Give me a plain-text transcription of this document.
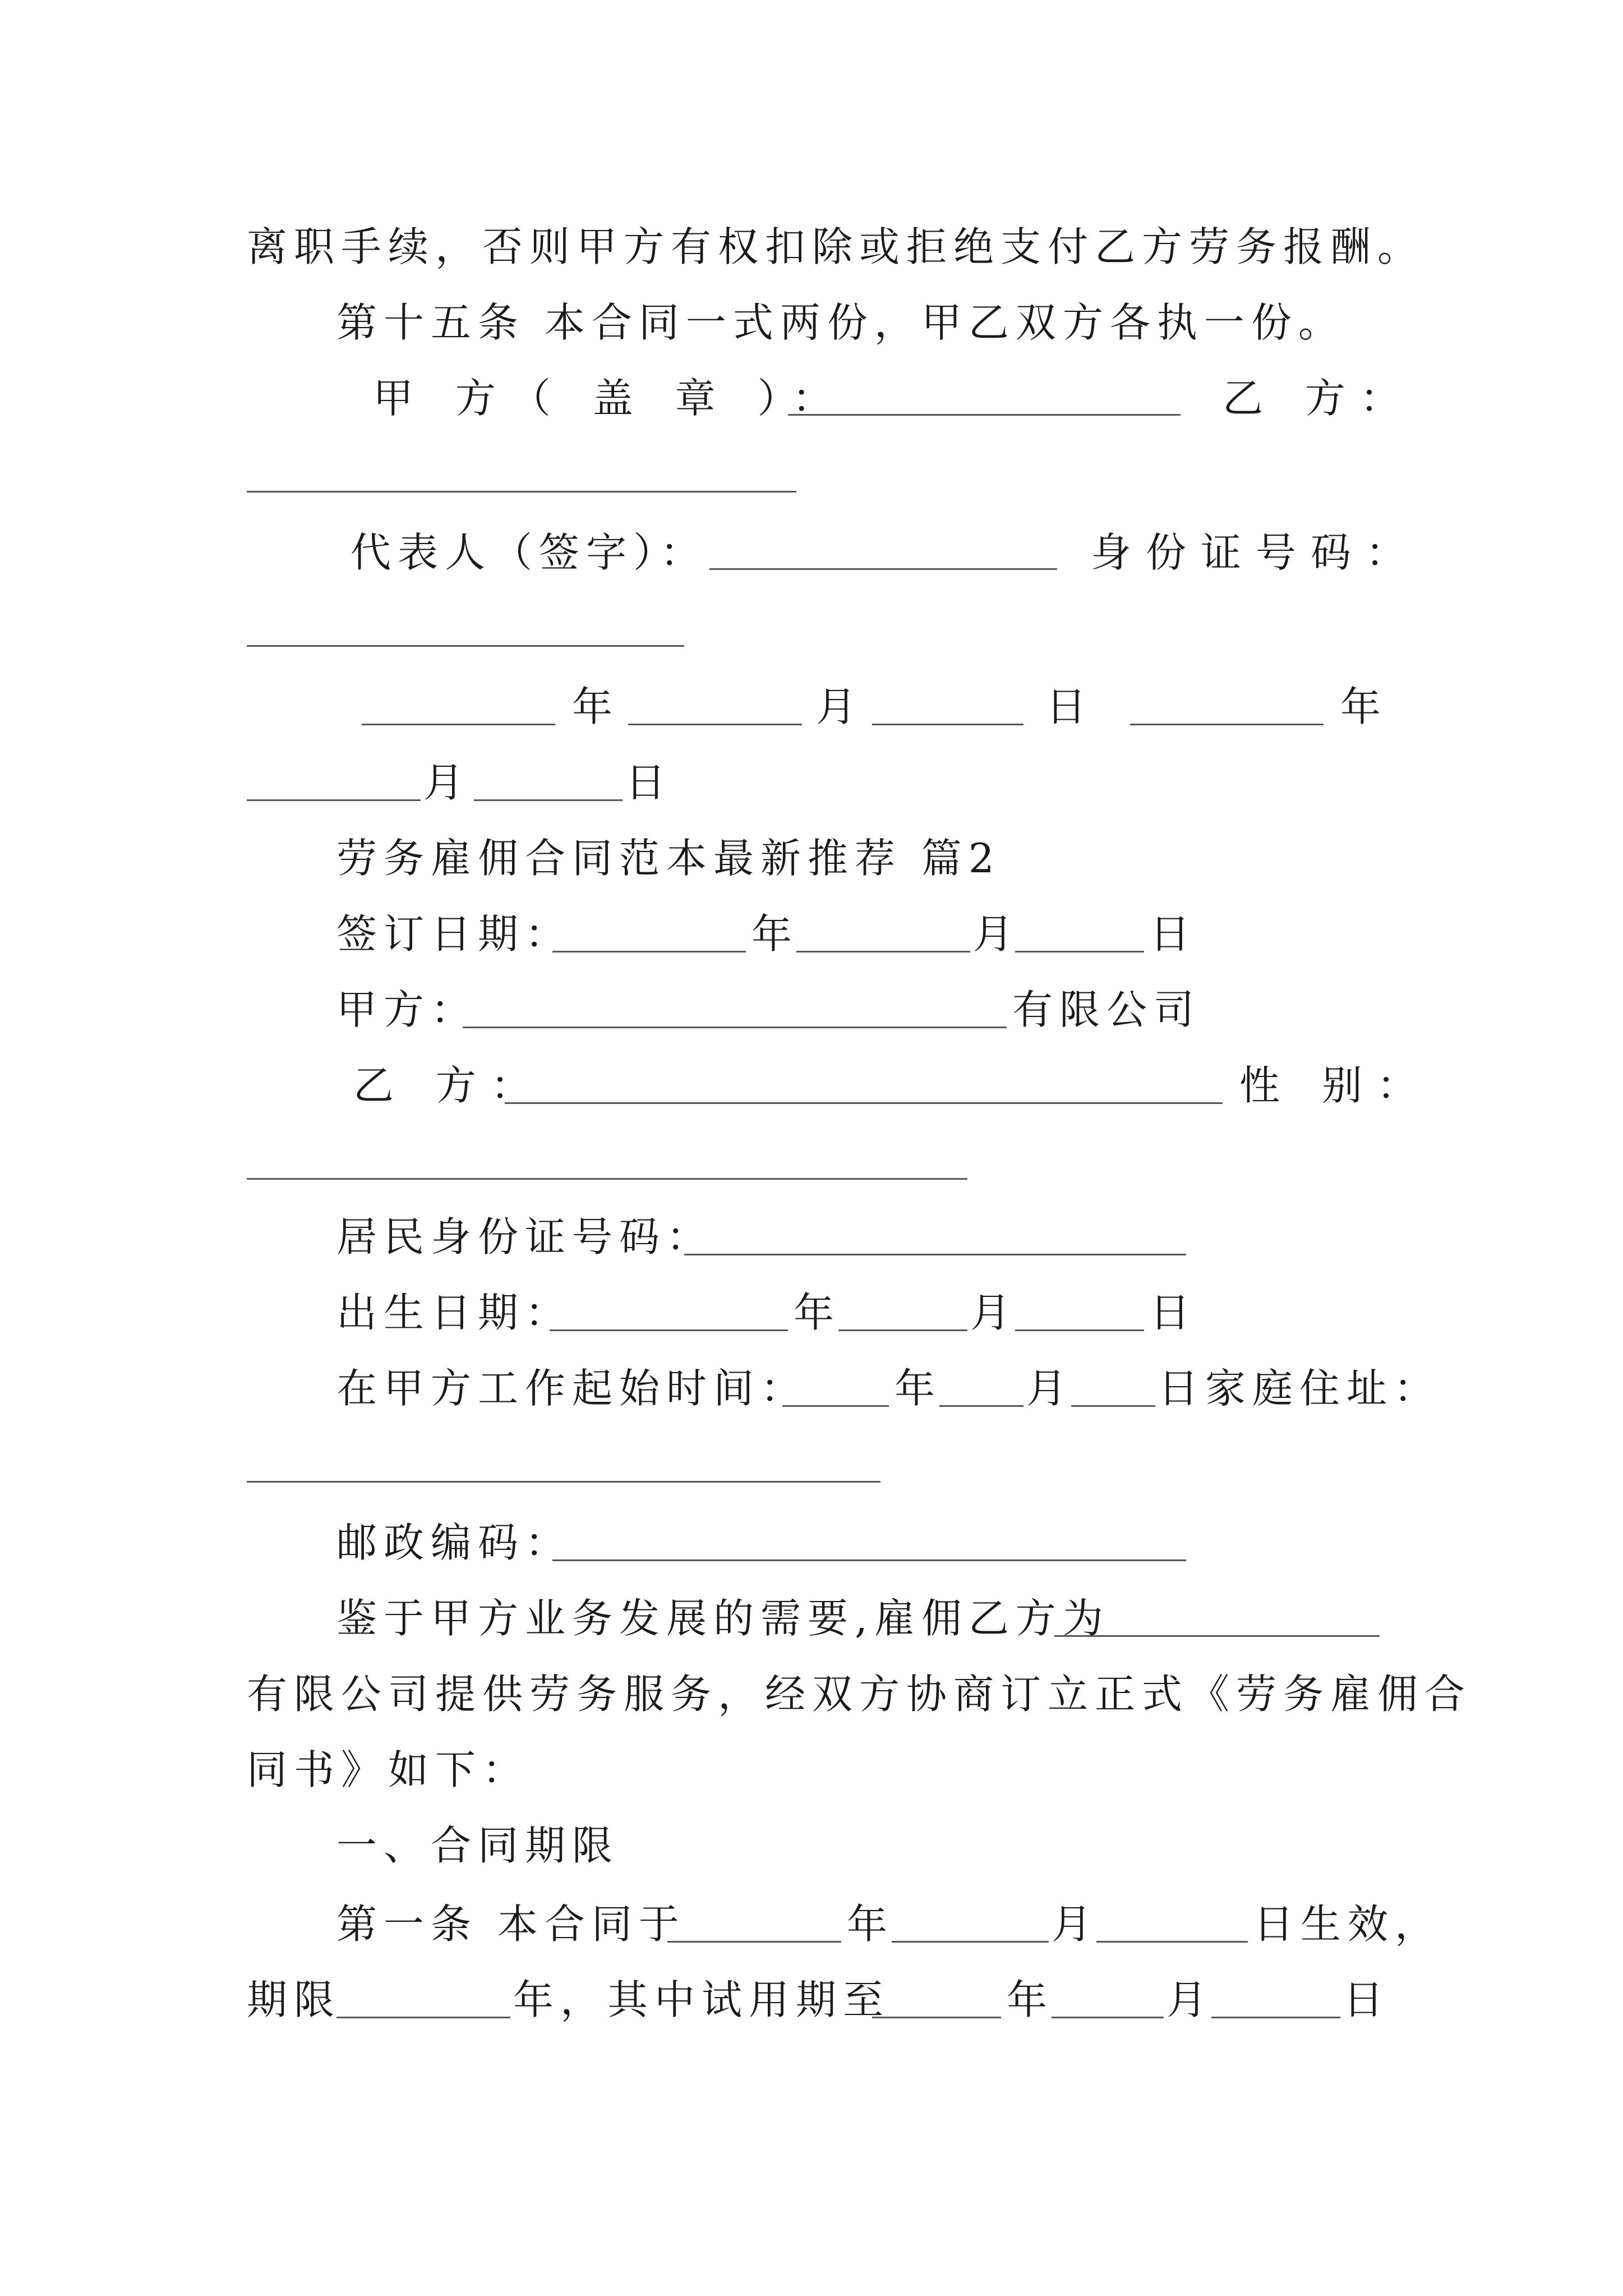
离职手续，否则甲方有权扣除或拒绝支付乙方劳务报酬。
第十五条 本合同一式两份，甲乙双方各执一份。
甲 方（ 盖 章 ）：	乙 方：
代表人（签字）：	身份证号码：
年	月	日	年
月	日
劳务雇佣合同范本最新推荐 篇2
签订日期：	年	月	日
甲方：	有限公司
乙 方：	性 别：
居民身份证号码：
出生日期：	年	月	日
在甲方工作起始时间： 年 月 日家庭住址：
邮政编码：
鉴于甲方业务发展的需要,雇佣乙方为
有限公司提供劳务服务，经双方协商订立正式《劳务雇佣合
同书》如下：
一、合同期限
第一条 本合同于	年	月	日生效，
期限	年，其中试用期至	年	月	日
